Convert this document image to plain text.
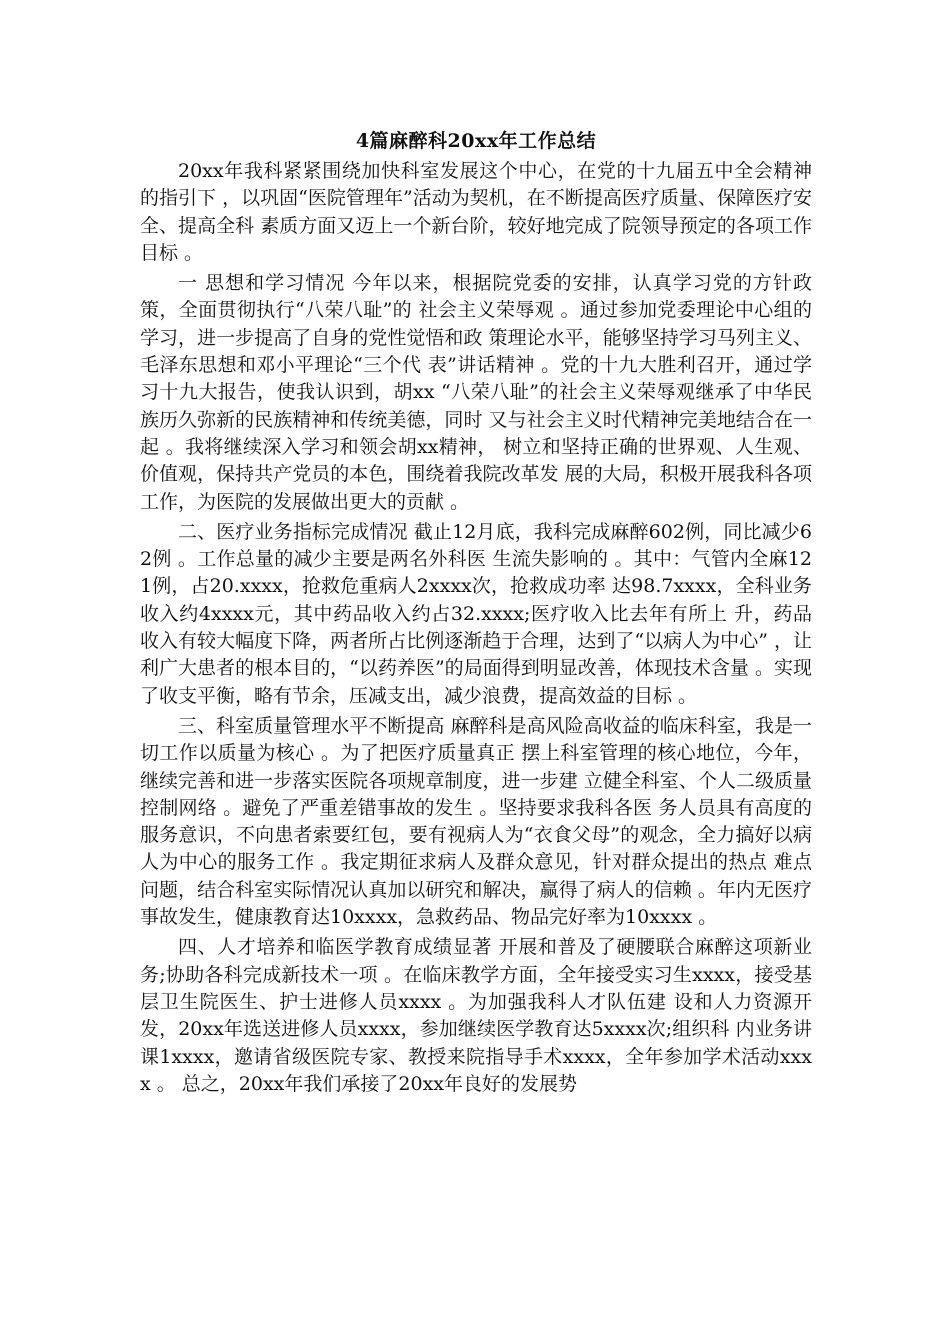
4篇麻醉科20xx年工作总结

20xx年我科紧紧围绕加快科室发展这个中心，在党的十九届五中全会精神的指引下 ，以巩固“医院管理年”活动为契机，在不断提高医疗质量、保障医疗安全、提高全科 素质方面又迈上一个新台阶，较好地完成了院领导预定的各项工作目标 。

一 思想和学习情况 今年以来，根据院党委的安排，认真学习党的方针政策，全面贯彻执行“八荣八耻”的 社会主义荣辱观 。通过参加党委理论中心组的学习，进一步提高了自身的党性觉悟和政 策理论水平，能够坚持学习马列主义、毛泽东思想和邓小平理论“三个代 表”讲话精神 。党的十九大胜利召开，通过学习十九大报告，使我认识到，胡xx “八荣八耻”的社会主义荣辱观继承了中华民族历久弥新的民族精神和传统美德，同时 又与社会主义时代精神完美地结合在一起 。我将继续深入学习和领会胡xx精神， 树立和坚持正确的世界观、人生观、价值观，保持共产党员的本色，围绕着我院改革发 展的大局，积极开展我科各项工作，为医院的发展做出更大的贡献 。

二、医疗业务指标完成情况 截止12月底，我科完成麻醉602例，同比减少62例 。工作总量的减少主要是两名外科医 生流失影响的 。其中：气管内全麻121例，占20.xxxx，抢救危重病人2xxxx次，抢救成功率 达98.7xxxx，全科业务收入约4xxxx元，其中药品收入约占32.xxxx;医疗收入比去年有所上 升，药品收入有较大幅度下降，两者所占比例逐渐趋于合理，达到了“以病人为中心” ，让利广大患者的根本目的，“以药养医”的局面得到明显改善，体现技术含量 。实现 了收支平衡，略有节余，压减支出，减少浪费，提高效益的目标 。

三、科室质量管理水平不断提高 麻醉科是高风险高收益的临床科室，我是一切工作以质量为核心 。为了把医疗质量真正 摆上科室管理的核心地位，今年，继续完善和进一步落实医院各项规章制度，进一步建 立健全科室、个人二级质量控制网络 。避免了严重差错事故的发生 。坚持要求我科各医 务人员具有高度的服务意识，不向患者索要红包，要有视病人为“衣食父母”的观念，全力搞好以病人为中心的服务工作 。我定期征求病人及群众意见，针对群众提出的热点 难点问题，结合科室实际情况认真加以研究和解决，赢得了病人的信赖 。年内无医疗事故发生，健康教育达10xxxx，急救药品、物品完好率为10xxxx 。

四、人才培养和临医学教育成绩显著 开展和普及了硬腰联合麻醉这项新业务;协助各科完成新技术一项 。在临床教学方面，全年接受实习生xxxx，接受基层卫生院医生、护士进修人员xxxx 。为加强我科人才队伍建 设和人力资源开发，20xx年选送进修人员xxxx，参加继续医学教育达5xxxx次;组织科 内业务讲课1xxxx，邀请省级医院专家、教授来院指导手术xxxx，全年参加学术活动xxxx 。 总之，20xx年我们承接了20xx年良好的发展势
